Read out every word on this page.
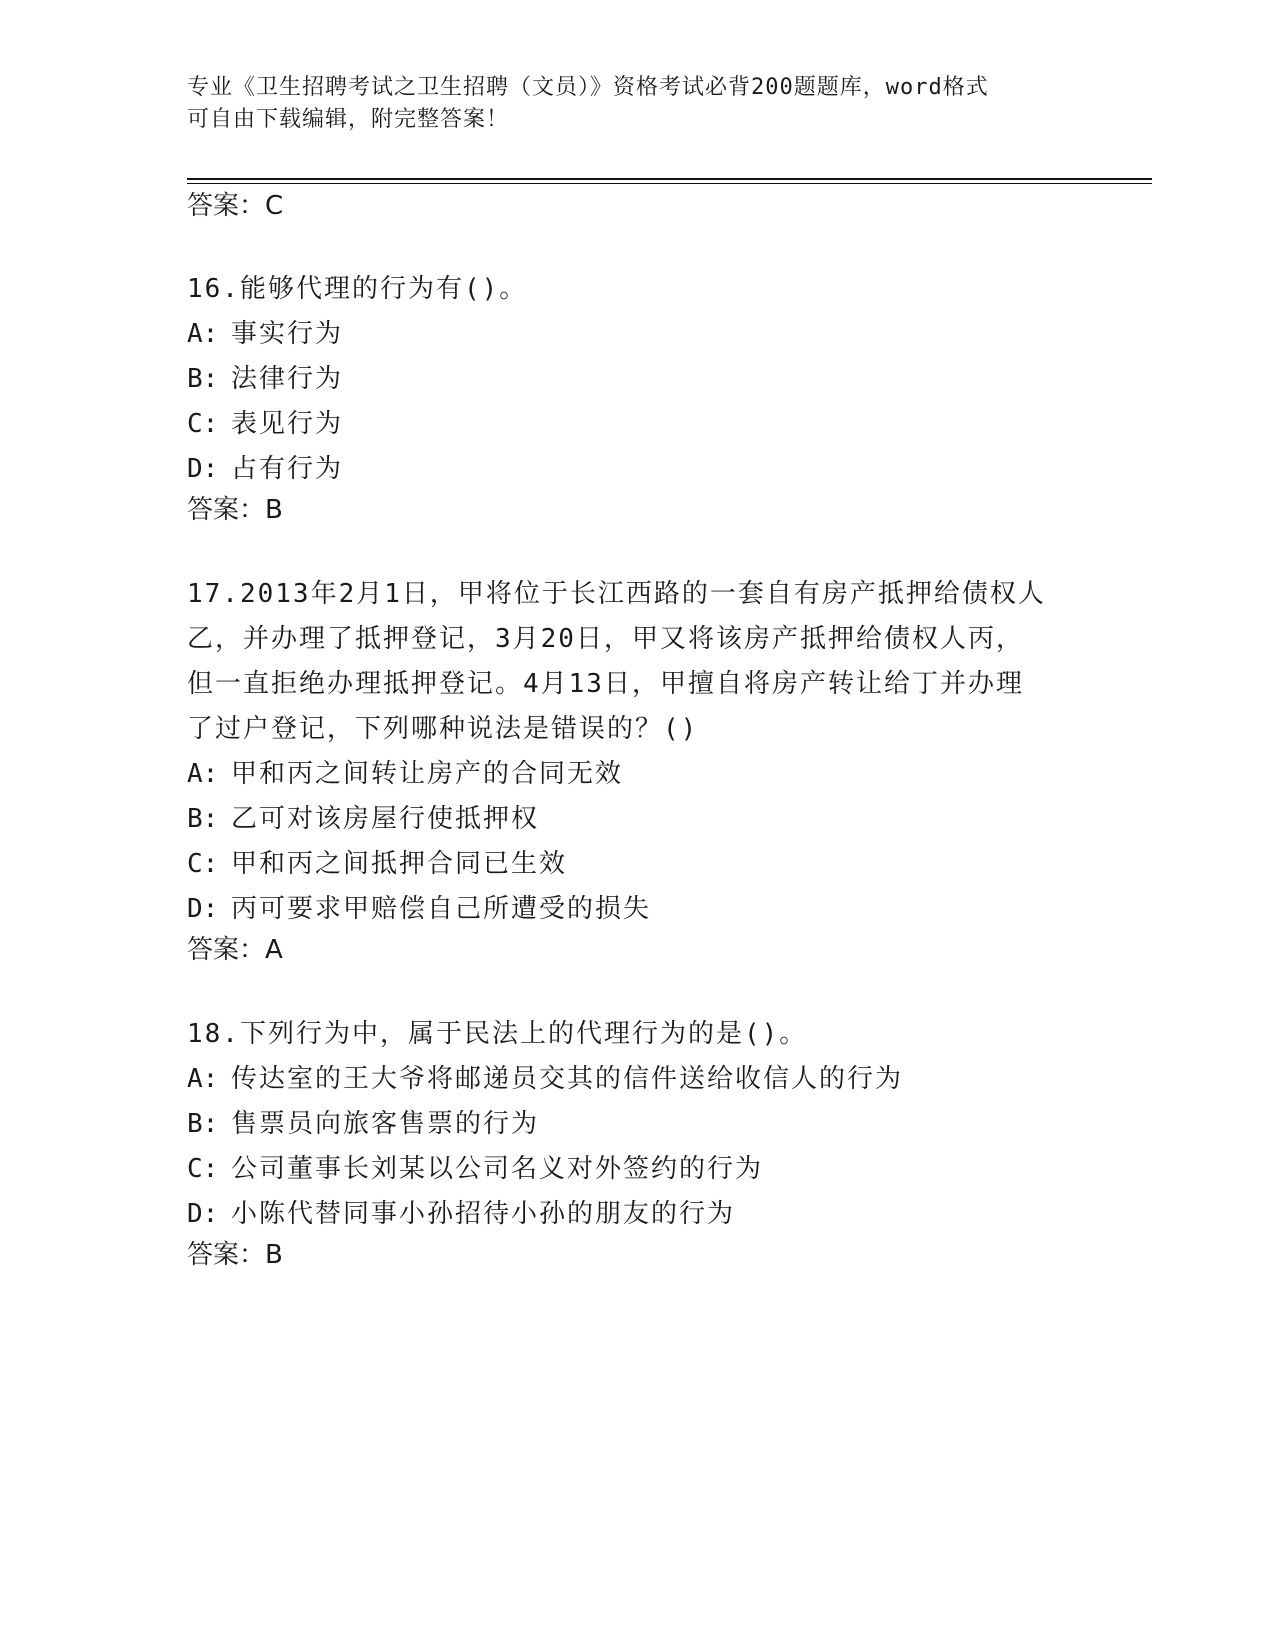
专业《卫生招聘考试之卫生招聘（文员）》资格考试必背200题题库，word格式
可自由下载编辑，附完整答案！
答案：C
16.能够代理的行为有()。
A: 事实行为
B: 法律行为
C: 表见行为
D: 占有行为
答案：B
17.2013年2月1日，甲将位于长江西路的一套自有房产抵押给债权人
乙，并办理了抵押登记，3月20日，甲又将该房产抵押给债权人丙，
但一直拒绝办理抵押登记。4月13日，甲擅自将房产转让给丁并办理
了过户登记，下列哪种说法是错误的？()
A: 甲和丙之间转让房产的合同无效
B: 乙可对该房屋行使抵押权
C: 甲和丙之间抵押合同已生效
D: 丙可要求甲赔偿自己所遭受的损失
答案：A
18.下列行为中，属于民法上的代理行为的是()。
A: 传达室的王大爷将邮递员交其的信件送给收信人的行为
B: 售票员向旅客售票的行为
C: 公司董事长刘某以公司名义对外签约的行为
D: 小陈代替同事小孙招待小孙的朋友的行为
答案：B
